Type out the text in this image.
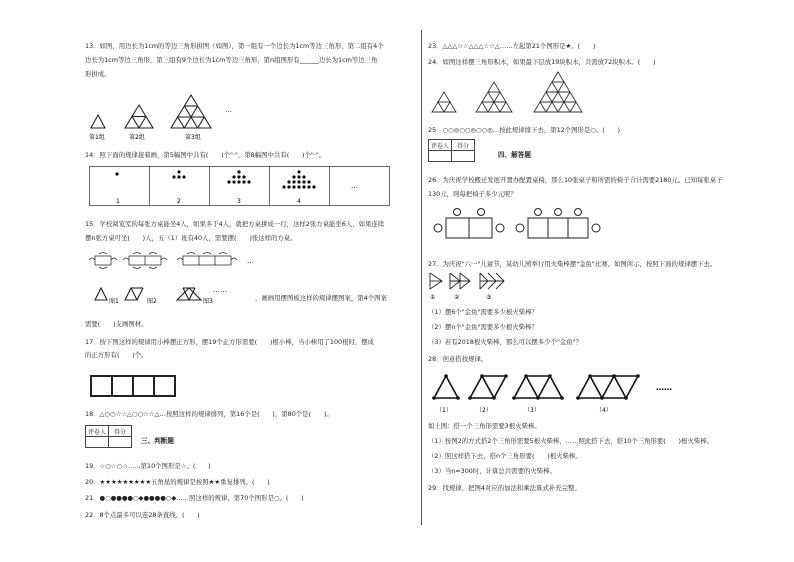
13．如图，用边长为1cm的等边三角形拼图（如图），第一组有一个边长为1cm等边三角形，第二组有4个
边长为1cm等边三角形，第三组有9个边长为1cm等边三角形，第n组图形有______边长为1cm等边三角
形拼成。
…
第1组	第2组	第3组
14．照下面的规律接着画，第5幅图中共有(　　)个"·"，第8幅图中共有(　　)个"·"。
1	2	3	4
…
15．学校阅览室的每张方桌能坐4人，如果多于4人，就把方桌拼成一行，这样2张方桌能坐6人，如果连续
摆n张方桌可坐(　　)人，五（1）班有40人，需要摆(　　)张这样的方桌。
…
图1	图2	图3
……
，画画用摆图板这样的规律摆图案，第4个图案
需要(　　)支画图材。
17．按下图这样的规律用小棒摆正方形，摆19个正方形需要(　　)根小棒，当小棒用了100根时，摆成
的正方形有(　　)个。
18．△○○☆☆△○○☆☆△…按照这样的规律排列，第16个是(　　)，第80个是(　　)。
评卷人	得分

三、判断题
19．☆○☆○☆……第10个图形是☆。(　　)
20．★★★★★★★★★五角星的规律是按照★★重复排列。(　　)
21．●○●●●●○◆●●●●○◆……照这样的规律，第70个图形是○。(　　)
22．8个点最多可以连28条直线。(　　)
23．△△△☆☆△△△☆☆△……左起第21个图形是★。(　　)
24．如图这样摆三角形积木，如果最下层放19块积木，共需放72块积木。(　　)
25．○○◎○○◎○○◎…按此规律排下去，第12个图形是○。(　　)
评卷人	得分

四、解答题
26．为庆祝学校搬迁发展开置办配置桌椅，那么10张桌子和所需的椅子合计需要2180元。已知每张桌子
130元，则每把椅子多少元呢？
27．为庆祝"六一"儿童节，某幼儿园举行用火柴棒摆"金鱼"比赛。如图所示，按照下面的规律摆下去。
①	②	③
（1）摆6个"金鱼"需要多少根火柴棒？
（2）摆n个"金鱼"需要多少根火柴棒？
（3）若有2018根火柴棒，那么可以摆多少个"金鱼"？
28．创意搭找规律。
……
（1）	（2）	（3）	（4）
如上图：搭一个三角形需要3根火柴棒。
（1）按图2的方式搭2个三角形需要5根火柴棒，……照此搭下去，搭10个三角形要(　　)根火柴棒。
（2）照这样搭下去，搭n个三角形要(　　)根火柴棒。
（3）当n=300时，计算总共需要的火柴棒。
29．找规律，把图4对应的加法和乘法算式补充完整。
